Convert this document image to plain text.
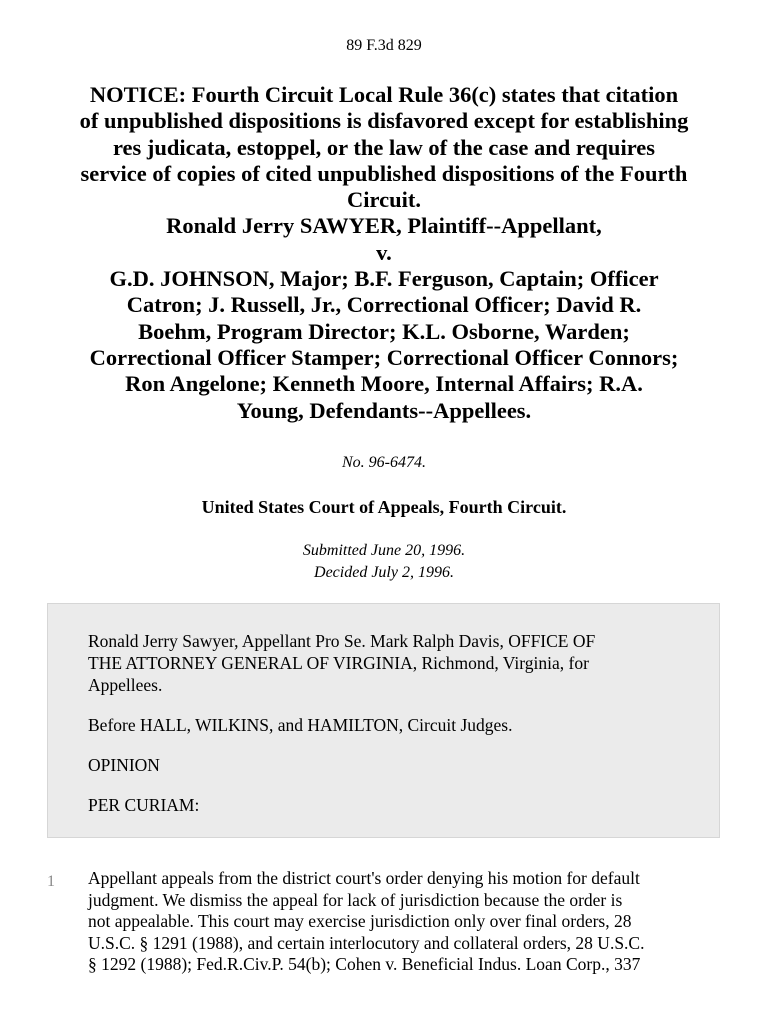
89 F.3d 829
NOTICE: Fourth Circuit Local Rule 36(c) states that citation
of unpublished dispositions is disfavored except for establishing
res judicata, estoppel, or the law of the case and requires
service of copies of cited unpublished dispositions of the Fourth
Circuit.
Ronald Jerry SAWYER, Plaintiff--Appellant,
v.
G.D. JOHNSON, Major; B.F. Ferguson, Captain; Officer
Catron; J. Russell, Jr., Correctional Officer; David R.
Boehm, Program Director; K.L. Osborne, Warden;
Correctional Officer Stamper; Correctional Officer Connors;
Ron Angelone; Kenneth Moore, Internal Affairs; R.A.
Young, Defendants--Appellees.
No. 96-6474.
United States Court of Appeals, Fourth Circuit.
Submitted June 20, 1996.
Decided July 2, 1996.

Ronald Jerry Sawyer, Appellant Pro Se. Mark Ralph Davis, OFFICE OF
THE ATTORNEY GENERAL OF VIRGINIA, Richmond, Virginia, for
Appellees.

Before HALL, WILKINS, and HAMILTON, Circuit Judges.

OPINION

PER CURIAM:

1 Appellant appeals from the district court's order denying his motion for default
judgment. We dismiss the appeal for lack of jurisdiction because the order is
not appealable. This court may exercise jurisdiction only over final orders, 28
U.S.C. § 1291 (1988), and certain interlocutory and collateral orders, 28 U.S.C.
§ 1292 (1988); Fed.R.Civ.P. 54(b); Cohen v. Beneficial Indus. Loan Corp., 337
